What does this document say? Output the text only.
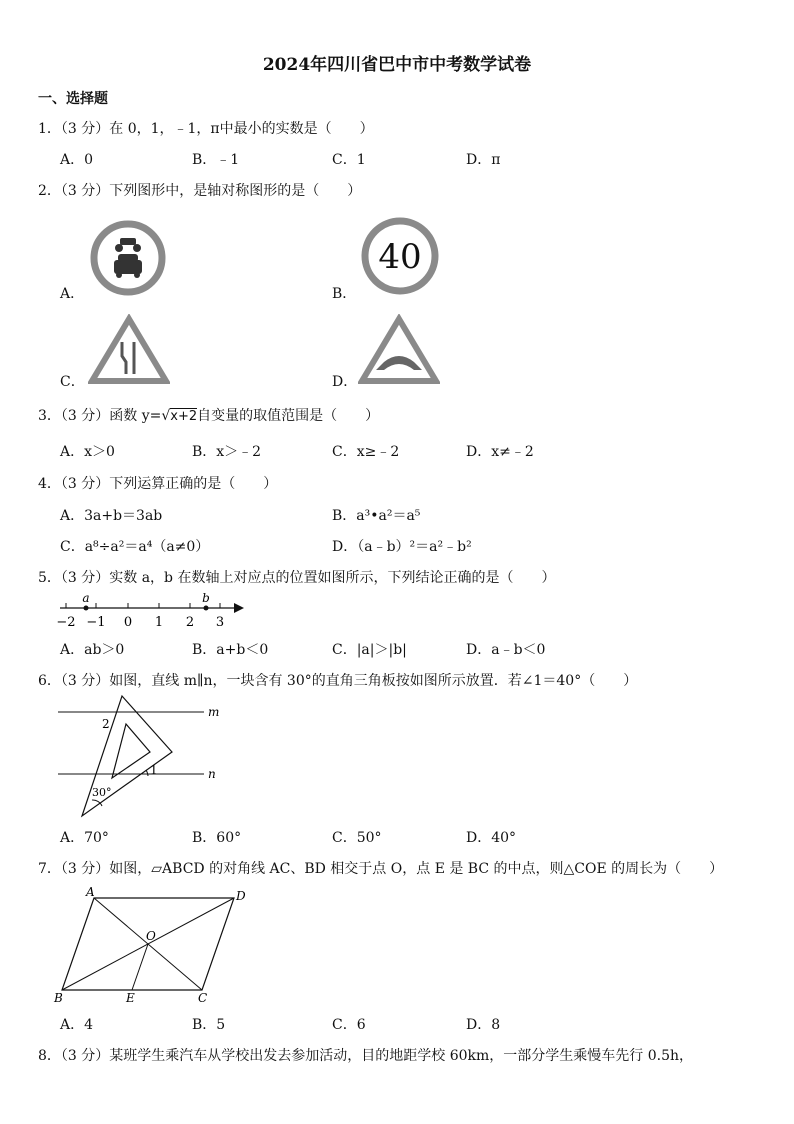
2024年四川省巴中市中考数学试卷
一、选择题
1．（3 分）在 0，1，﹣1，π中最小的实数是（　　）
A．0	B．﹣1	C．1	D．π
2．（3 分）下列图形中，是轴对称图形的是（　　）
A．
40
B．
C．	D．
3．（3 分）函数 y=√x+2自变量的取值范围是（　　）
A．x＞0	B．x＞﹣2	C．x≥﹣2	D．x≠﹣2
4．（3 分）下列运算正确的是（　　）
A．3a+b＝3ab	B．a³•a²＝a⁵
C．a⁸÷a²＝a⁴（a≠0）	D．（a﹣b）²＝a²﹣b²
5．（3 分）实数 a，b 在数轴上对应点的位置如图所示，下列结论正确的是（　　）
a	b
−2 −1 0 1 2 3
A．ab＞0	B．a+b＜0	C．|a|＞|b|	D．a﹣b＜0
6．（3 分）如图，直线 m∥n，一块含有 30°的直角三角板按如图所示放置．若∠1＝40°（　　）
m
n
1
2
30°
A．70°	B．60°	C．50°	D．40°
7．（3 分）如图，▱ABCD 的对角线 AC、BD 相交于点 O，点 E 是 BC 的中点，则△COE 的周长为（　　）
A	D
B	C
O
E
A．4	B．5	C．6	D．8
8．（3 分）某班学生乘汽车从学校出发去参加活动，目的地距学校 60km，一部分学生乘慢车先行 0.5h，
